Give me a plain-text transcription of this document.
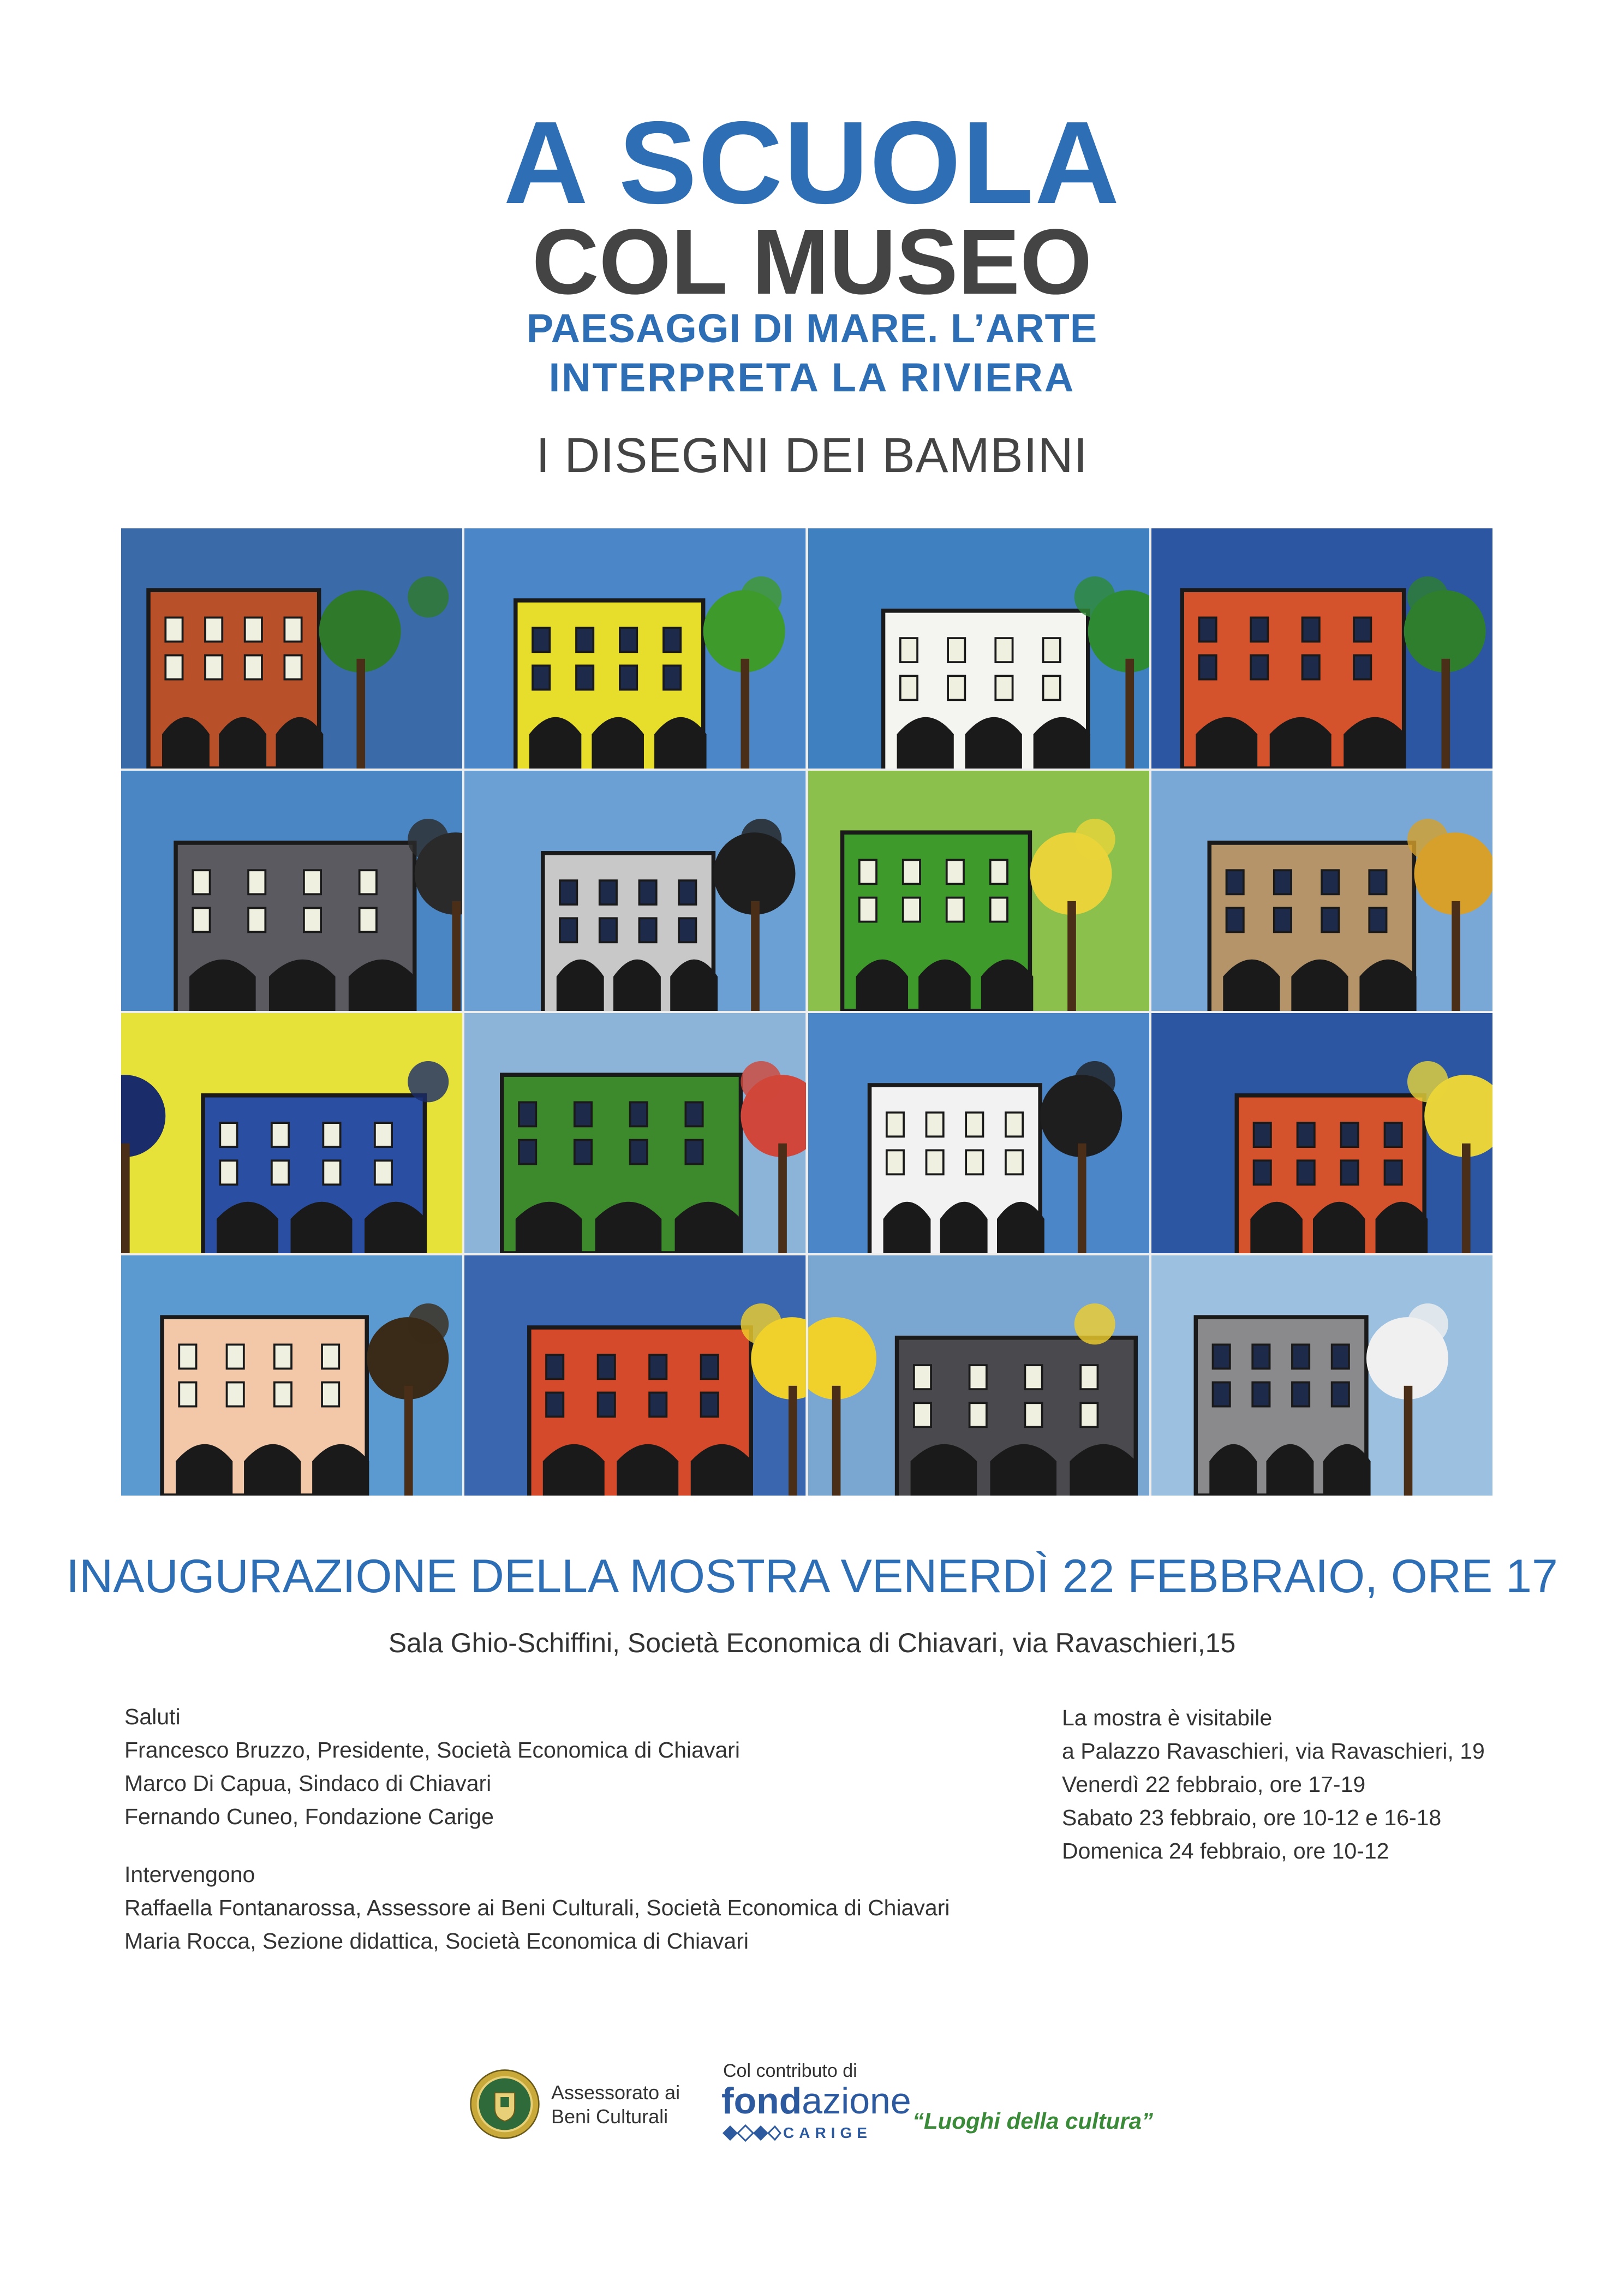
A SCUOLA
COL MUSEO
PAESAGGI DI MARE. L’ARTE
INTERPRETA LA RIVIERA
I DISEGNI DEI BAMBINI
INAUGURAZIONE DELLA MOSTRA VENERDÌ 22 FEBBRAIO, ORE 17
Sala Ghio-Schiffini, Società Economica di Chiavari, via Ravaschieri,15
Saluti
Francesco Bruzzo, Presidente, Società Economica di Chiavari
Marco Di Capua, Sindaco di Chiavari
Fernando Cuneo, Fondazione Carige
Intervengono
Raffaella Fontanarossa, Assessore ai Beni Culturali, Società Economica di Chiavari
Maria Rocca, Sezione didattica, Società Economica di Chiavari
La mostra è visitabile
a Palazzo Ravaschieri, via Ravaschieri, 19
Venerdì 22 febbraio, ore 17-19
Sabato 23 febbraio, ore 10-12 e 16-18
Domenica 24 febbraio, ore 10-12
Assessorato ai
Beni Culturali
Col contributo di
fondazione
CARIGE “Luoghi della cultura”
